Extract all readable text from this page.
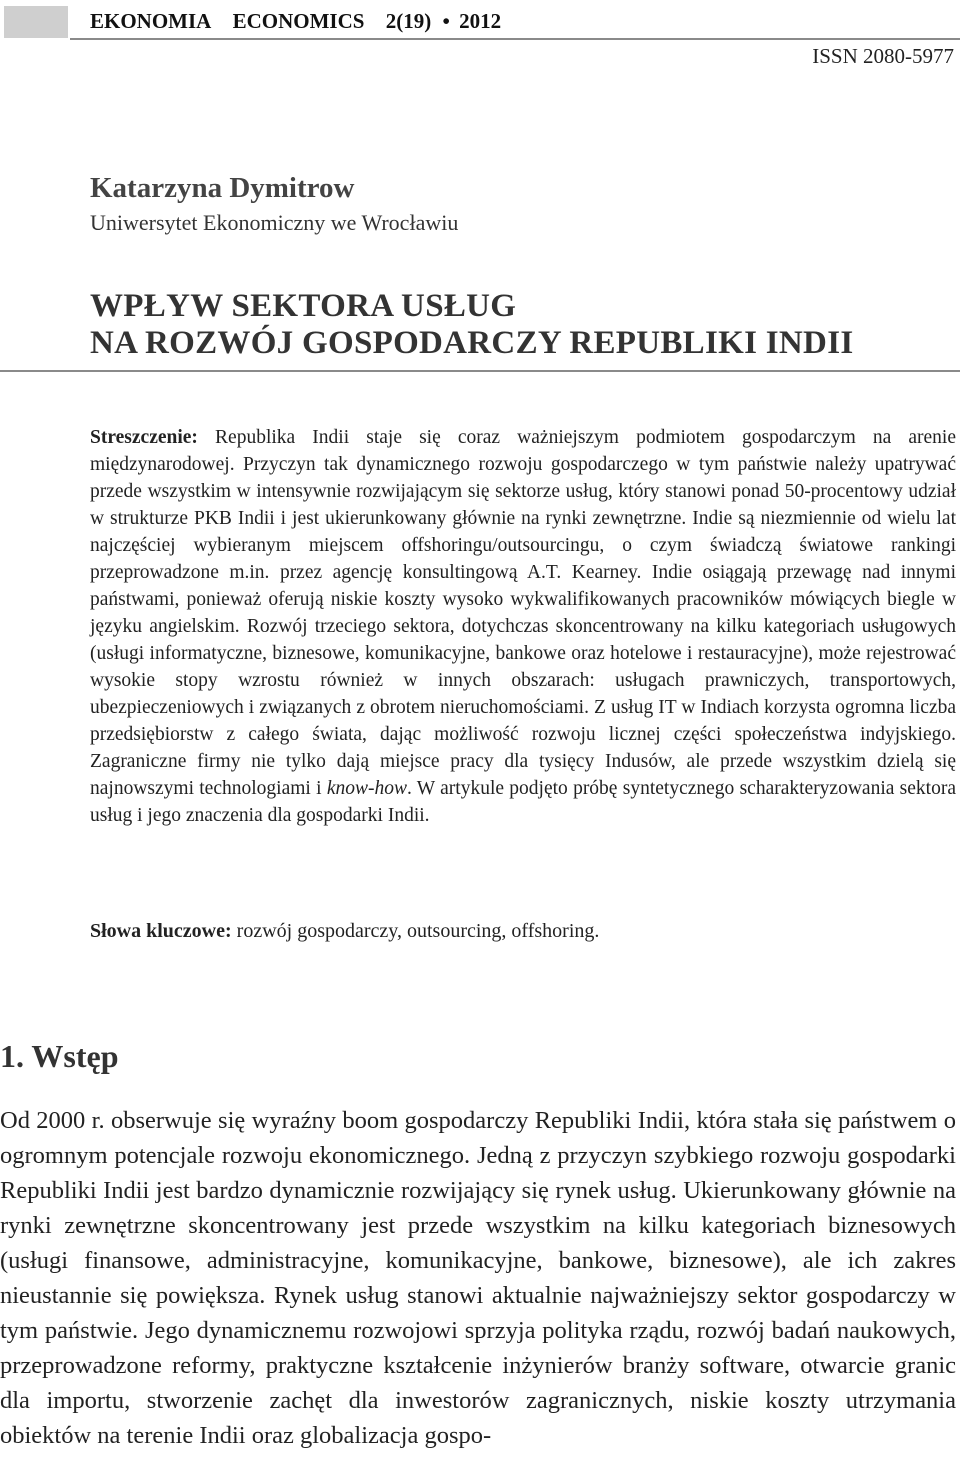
EKONOMIA ECONOMICS 2(19) • 2012
ISSN 2080-5977
Katarzyna Dymitrow
Uniwersytet Ekonomiczny we Wrocławiu
WPŁYW SEKTORA USŁUG
NA ROZWÓJ GOSPODARCZY REPUBLIKI INDII
Streszczenie: Republika Indii staje się coraz ważniejszym podmiotem gospodarczym na arenie międzynarodowej. Przyczyn tak dynamicznego rozwoju gospodarczego w tym państwie należy upatrywać przede wszystkim w intensywnie rozwijającym się sektorze usług, który stanowi ponad 50-procentowy udział w strukturze PKB Indii i jest ukierunkowany głównie na rynki zewnętrzne. Indie są niezmiennie od wielu lat najczęściej wybieranym miejscem offshoringu/outsourcingu, o czym świadczą światowe rankingi przeprowadzone m.in. przez agencję konsultingową A.T. Kearney. Indie osiągają przewagę nad innymi państwami, ponieważ oferują niskie koszty wysoko wykwalifikowanych pracowników mówiących biegle w języku angielskim. Rozwój trzeciego sektora, dotychczas skoncentrowany na kilku kategoriach usługowych (usługi informatyczne, biznesowe, komunikacyjne, bankowe oraz hotelowe i restauracyjne), może rejestrować wysokie stopy wzrostu również w innych obszarach: usługach prawniczych, transportowych, ubezpieczeniowych i związanych z obrotem nieruchomościami. Z usług IT w Indiach korzysta ogromna liczba przedsiębiorstw z całego świata, dając możliwość rozwoju licznej części społeczeństwa indyjskiego. Zagraniczne firmy nie tylko dają miejsce pracy dla tysięcy Indusów, ale przede wszystkim dzielą się najnowszymi technologiami i know-how. W artykule podjęto próbę syntetycznego scharakteryzowania sektora usług i jego znaczenia dla gospodarki Indii.
Słowa kluczowe: rozwój gospodarczy, outsourcing, offshoring.
1. Wstęp
Od 2000 r. obserwuje się wyraźny boom gospodarczy Republiki Indii, która stała się państwem o ogromnym potencjale rozwoju ekonomicznego. Jedną z przyczyn szybkiego rozwoju gospodarki Republiki Indii jest bardzo dynamicznie rozwijający się rynek usług. Ukierunkowany głównie na rynki zewnętrzne skoncentrowany jest przede wszystkim na kilku kategoriach biznesowych (usługi finansowe, administracyjne, komunikacyjne, bankowe, biznesowe), ale ich zakres nieustannie się powiększa. Rynek usług stanowi aktualnie najważniejszy sektor gospodarczy w tym państwie. Jego dynamicznemu rozwojowi sprzyja polityka rządu, rozwój badań naukowych, przeprowadzone reformy, praktyczne kształcenie inżynierów branży software, otwarcie granic dla importu, stworzenie zachęt dla inwestorów zagranicznych, niskie koszty utrzymania obiektów na terenie Indii oraz globalizacja gospo-
